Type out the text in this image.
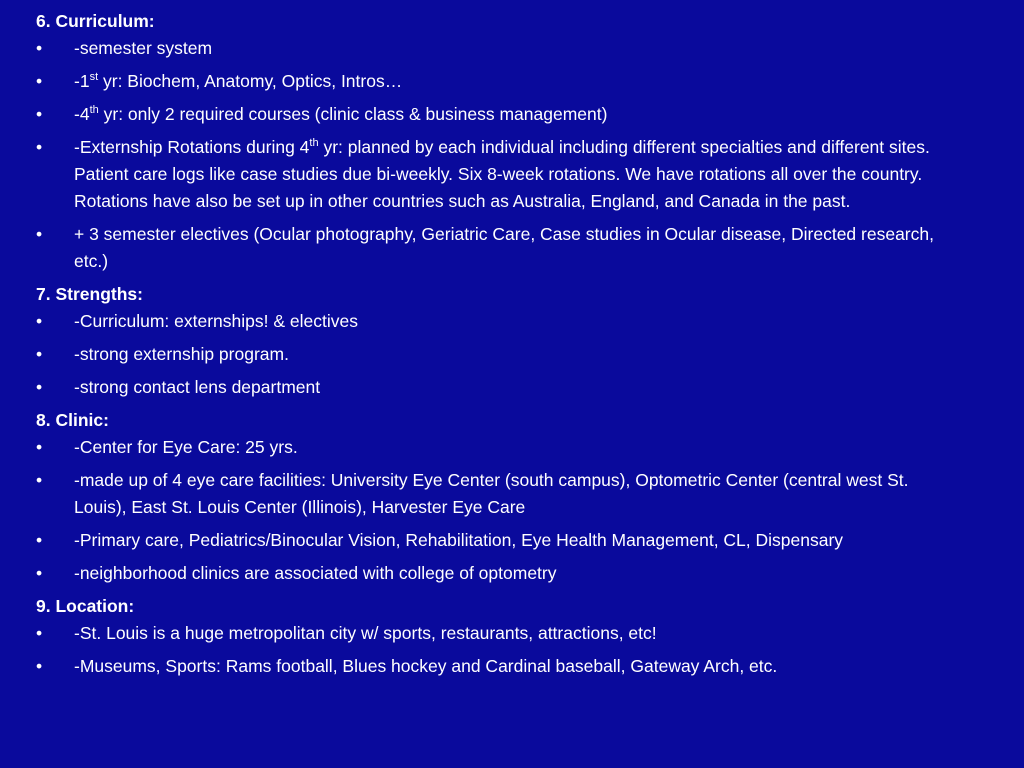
6. Curriculum:

•	-semester system
•	-1st yr: Biochem, Anatomy, Optics, Intros…
•	-4th yr: only 2 required courses (clinic class & business management)
•	-Externship Rotations during 4th yr: planned by each individual including different specialties and different sites. Patient care logs like case studies due bi-weekly. Six 8-week rotations. We have rotations all over the country. Rotations have also be set up in other countries such as Australia, England, and Canada in the past.
•	+ 3 semester electives (Ocular photography, Geriatric Care, Case studies in Ocular disease, Directed research, etc.)

7. Strengths:

•	-Curriculum: externships! & electives
•	-strong externship program.
•	-strong contact lens department

8. Clinic:

•	-Center for Eye Care: 25 yrs.
•	-made up of 4 eye care facilities: University Eye Center (south campus), Optometric Center (central west St. Louis), East St. Louis Center (Illinois), Harvester Eye Care
•	-Primary care, Pediatrics/Binocular Vision, Rehabilitation, Eye Health Management, CL, Dispensary
•	-neighborhood clinics are associated with college of optometry

9. Location:

•	-St. Louis is a huge metropolitan city w/ sports, restaurants, attractions, etc!
•	-Museums, Sports: Rams football, Blues hockey and Cardinal baseball, Gateway Arch, etc.
